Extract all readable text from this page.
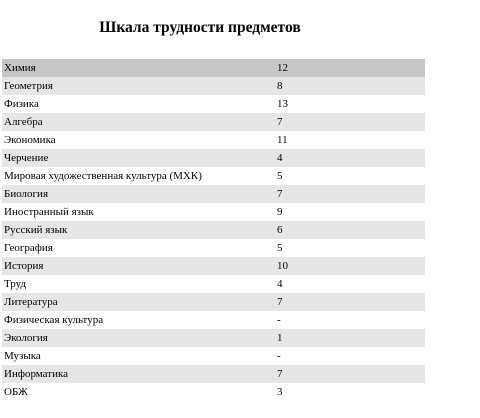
Шкала трудности предметов
Химия	12
Геометрия	8
Физика	13
Алгебра	7
Экономика	11
Черчение	4
Мировая художественная культура (МХК)	5
Биология	7
Иностранный язык	9
Русский язык	6
География	5
История	10
Труд	4
Литература	7
Физическая культура	-
Экология	1
Музыка	-
Информатика	7
ОБЖ	3
